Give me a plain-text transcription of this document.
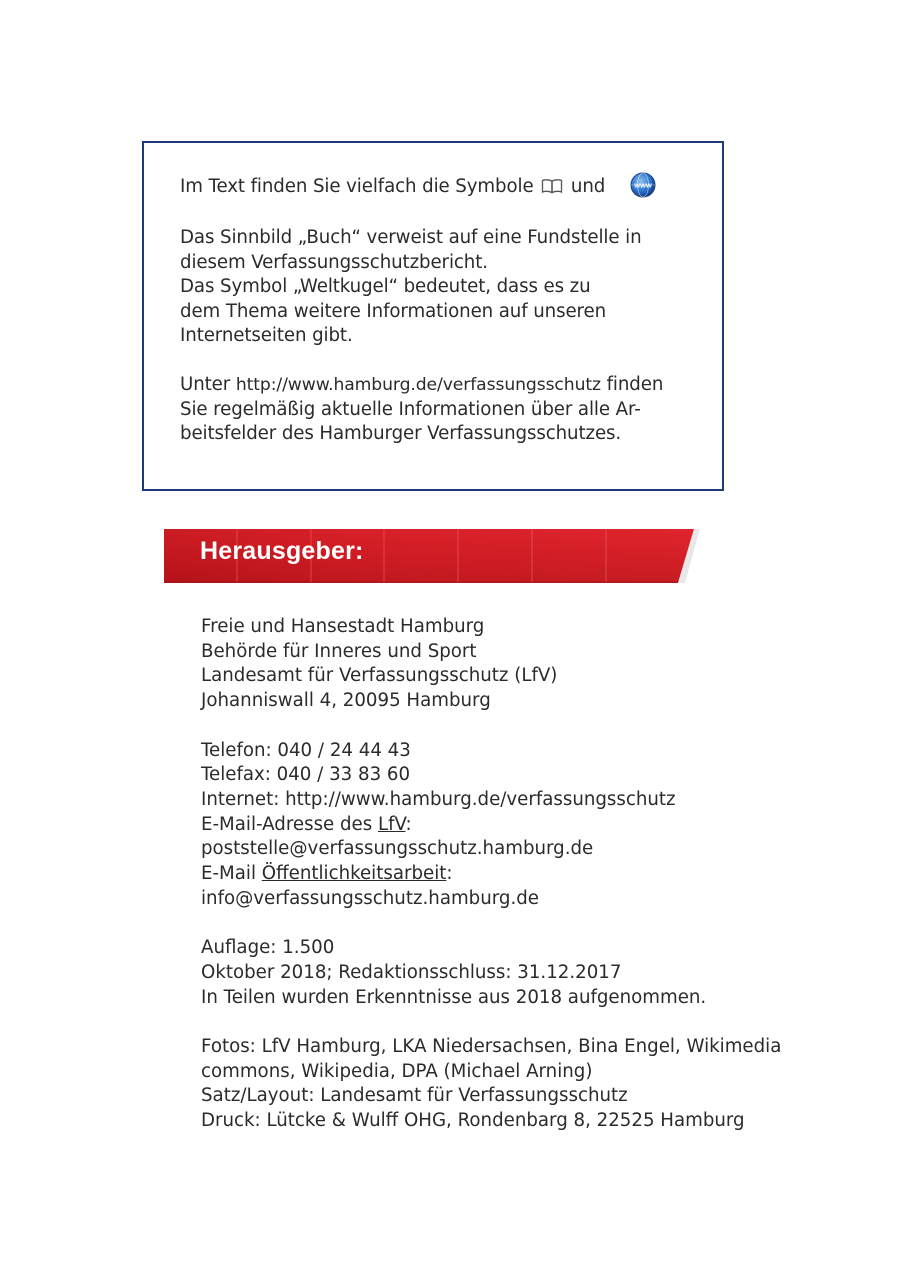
Im Text finden Sie vielfach die Symbole und

Das Sinnbild „Buch“ verweist auf eine Fundstelle in
diesem Verfassungsschutzbericht.
Das Symbol „Weltkugel“ bedeutet, dass es zu
dem Thema weitere Informationen auf unseren
Internetseiten gibt.

Unter http://www.hamburg.de/verfassungsschutz finden
Sie regelmäßig aktuelle Informationen über alle Ar-
beitsfelder des Hamburger Verfassungsschutzes.

www
Herausgeber:

Freie und Hansestadt Hamburg
Behörde für Inneres und Sport
Landesamt für Verfassungsschutz (LfV)
Johanniswall 4, 20095 Hamburg

Telefon: 040 / 24 44 43
Telefax: 040 / 33 83 60
Internet: http://www.hamburg.de/verfassungsschutz
E-Mail-Adresse des LfV:
poststelle@verfassungsschutz.hamburg.de
E-Mail Öffentlichkeitsarbeit:
info@verfassungsschutz.hamburg.de

Auflage: 1.500
Oktober 2018; Redaktionsschluss: 31.12.2017
In Teilen wurden Erkenntnisse aus 2018 aufgenommen.

Fotos: LfV Hamburg, LKA Niedersachsen, Bina Engel, Wikimedia
commons, Wikipedia, DPA (Michael Arning)
Satz/Layout: Landesamt für Verfassungsschutz
Druck: Lütcke & Wulff OHG, Rondenbarg 8, 22525 Hamburg
